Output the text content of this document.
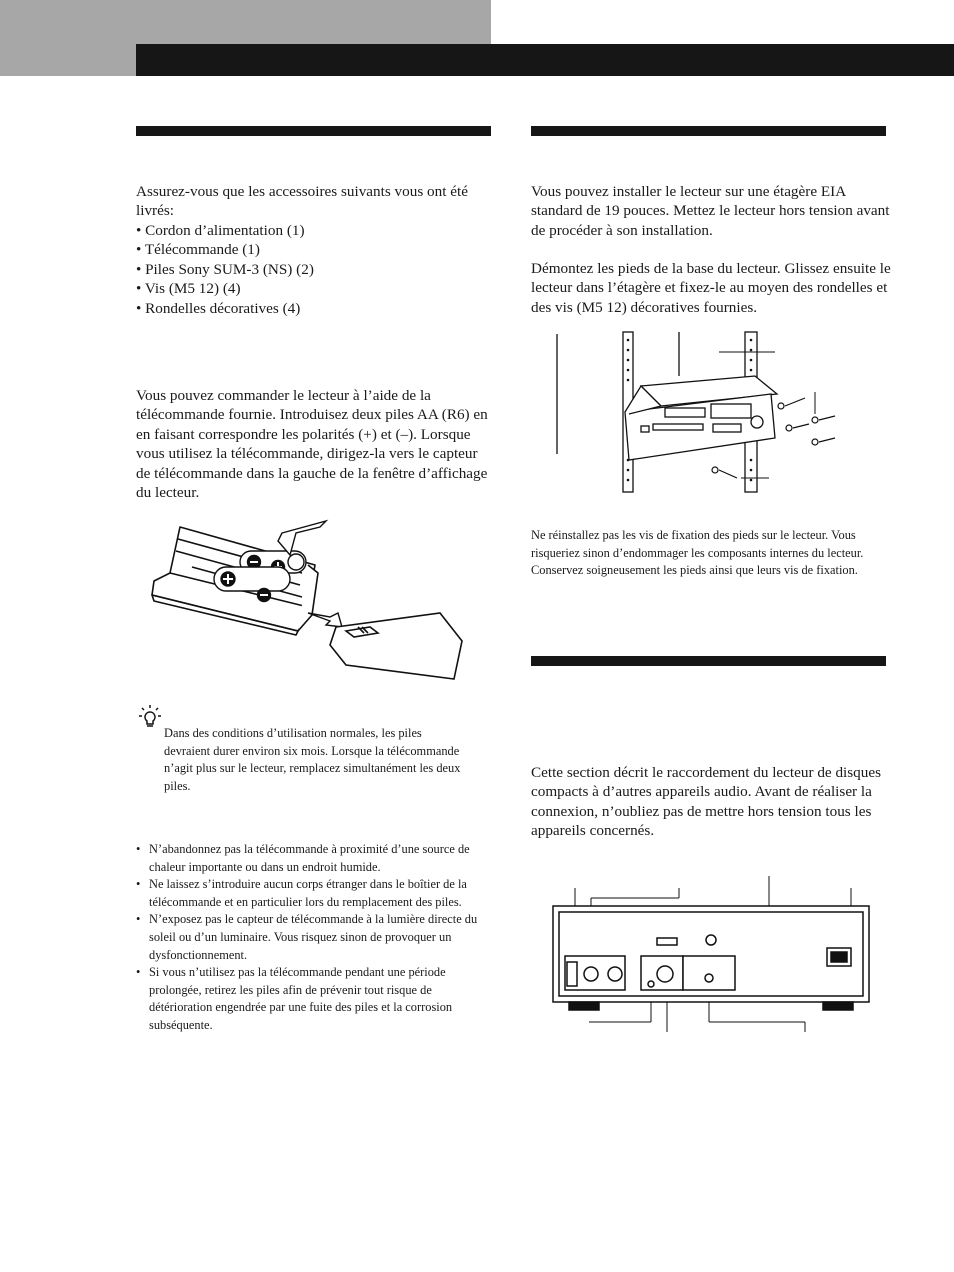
Assurez-vous que les accessoires suivants vous ont été livrés:

• Cordon d’alimentation (1)
• Télécommande (1)
• Piles Sony SUM-3 (NS) (2)
• Vis (M5 12) (4)
• Rondelles décoratives (4)

Vous pouvez commander le lecteur à l’aide de la télécommande fournie. Introduisez deux piles AA (R6) en en faisant correspondre les polarités (+) et (–). Lorsque vous utilisez la télécommande, dirigez-la vers le capteur de télécommande dans la gauche de la fenêtre d’affichage du lecteur.

Dans des conditions d’utilisation normales, les piles devraient durer environ six mois. Lorsque la télécommande n’agit plus sur le lecteur, remplacez simultanément les deux piles.

• N’abandonnez pas la télécommande à proximité d’une source de chaleur importante ou dans un endroit humide.
• Ne laissez s’introduire aucun corps étranger dans le boîtier de la télécommande et en particulier lors du remplacement des piles.
• N’exposez pas le capteur de télécommande à la lumière directe du soleil ou d’un luminaire. Vous risquez sinon de provoquer un dysfonctionnement.
• Si vous n’utilisez pas la télécommande pendant une période prolongée, retirez les piles afin de prévenir tout risque de détérioration engendrée par une fuite des piles et la corrosion subséquente.

Vous pouvez installer le lecteur sur une étagère EIA standard de 19 pouces. Mettez le lecteur hors tension avant de procéder à son installation.

Démontez les pieds de la base du lecteur. Glissez ensuite le lecteur dans l’étagère et fixez-le au moyen des rondelles et des vis (M5 12) décoratives fournies.

Ne réinstallez pas les vis de fixation des pieds sur le lecteur. Vous risqueriez sinon d’endommager les composants internes du lecteur.
Conservez soigneusement les pieds ainsi que leurs vis de fixation.

Cette section décrit le raccordement du lecteur de disques compacts à d’autres appareils audio. Avant de réaliser la connexion, n’oubliez pas de mettre hors tension tous les appareils concernés.
